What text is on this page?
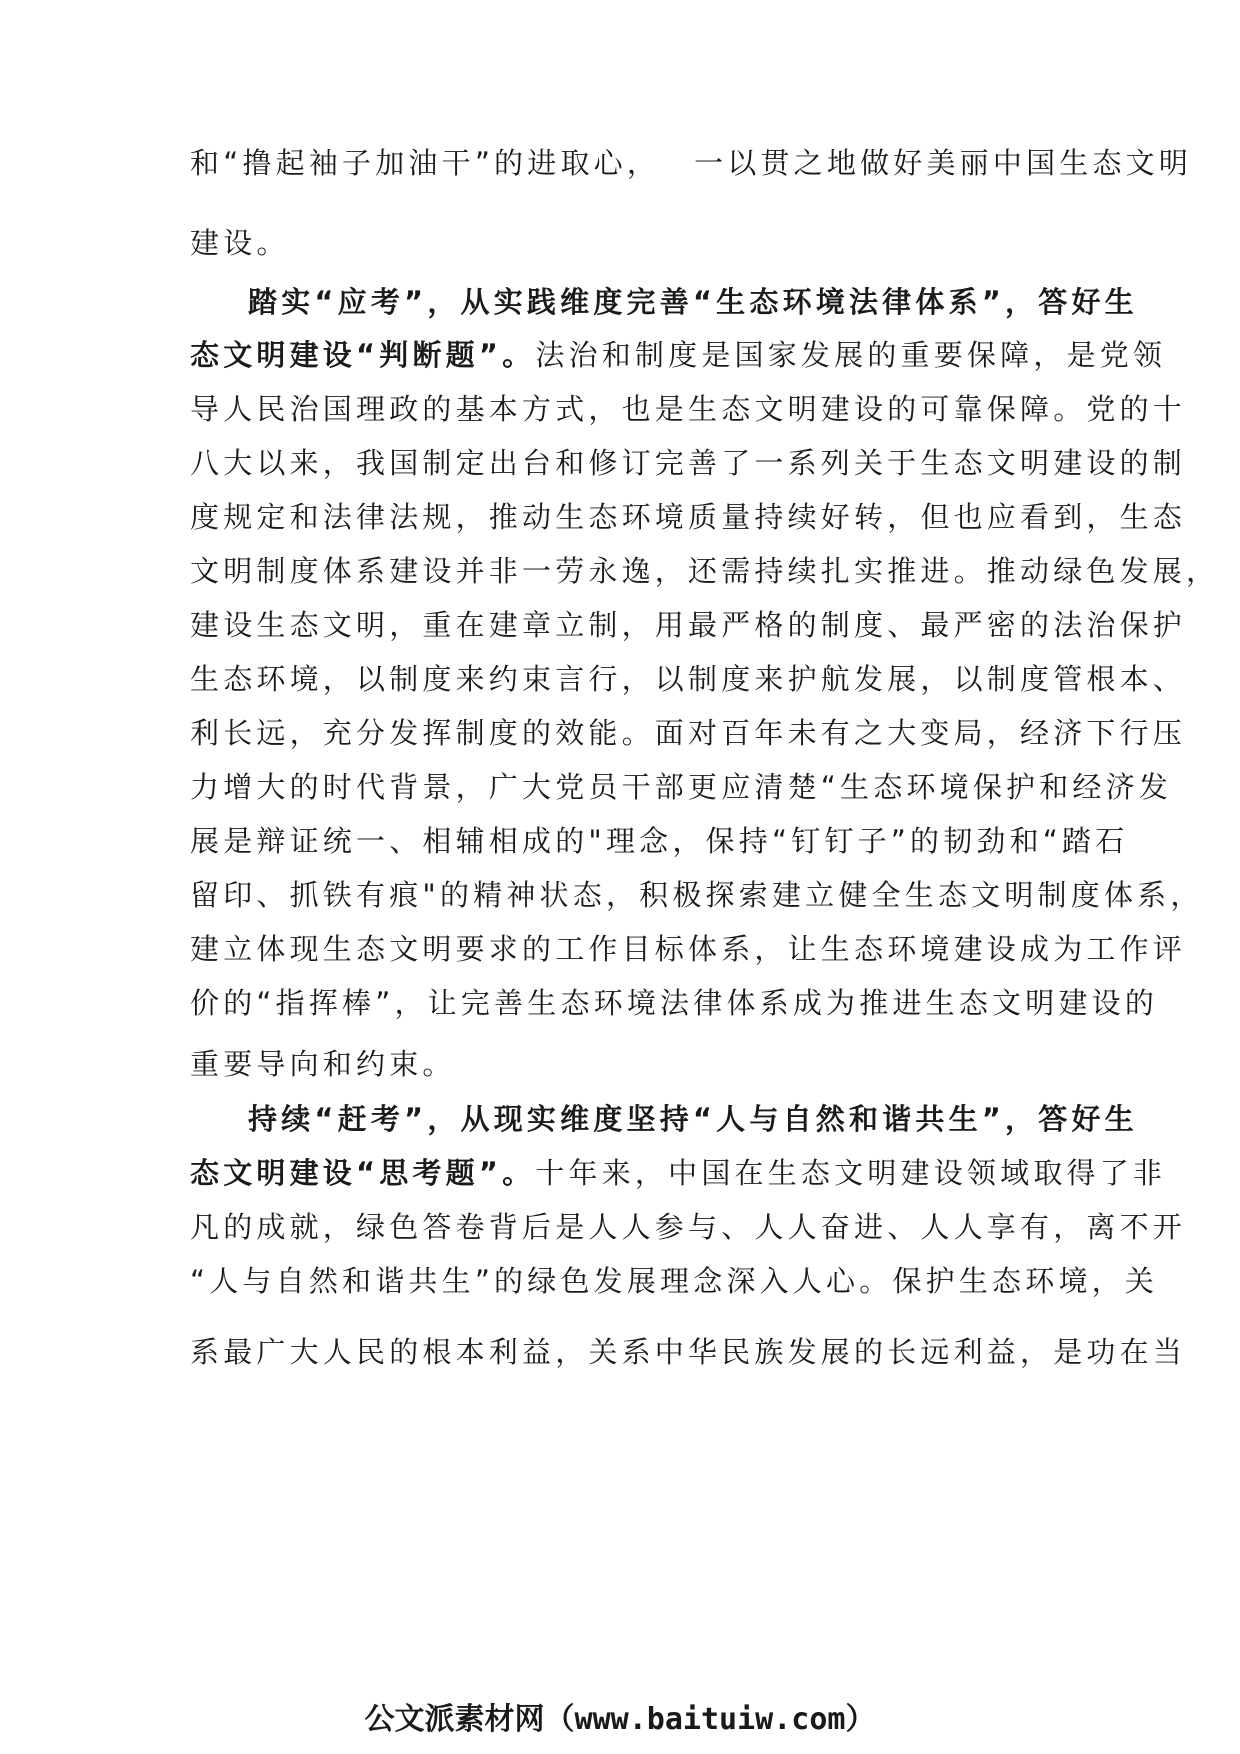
和“撸起袖子加油干”的进取心， 一以贯之地做好美丽中国生态文明
建设。
踏实“应考”，从实践维度完善“生态环境法律体系”，答好生
态文明建设“判断题”。法治和制度是国家发展的重要保障，是党领
导人民治国理政的基本方式，也是生态文明建设的可靠保障。党的十
八大以来，我国制定出台和修订完善了一系列关于生态文明建设的制
度规定和法律法规，推动生态环境质量持续好转，但也应看到，生态
文明制度体系建设并非一劳永逸，还需持续扎实推进。推动绿色发展，
建设生态文明，重在建章立制，用最严格的制度、最严密的法治保护
生态环境，以制度来约束言行，以制度来护航发展，以制度管根本、
利长远，充分发挥制度的效能。面对百年未有之大变局，经济下行压
力增大的时代背景，广大党员干部更应清楚“生态环境保护和经济发
展是辩证统一、相辅相成的"理念，保持“钉钉子”的韧劲和“踏石
留印、抓铁有痕"的精神状态，积极探索建立健全生态文明制度体系，
建立体现生态文明要求的工作目标体系，让生态环境建设成为工作评
价的“指挥棒”，让完善生态环境法律体系成为推进生态文明建设的
重要导向和约束。
持续“赶考”，从现实维度坚持“人与自然和谐共生”，答好生
态文明建设“思考题”。十年来，中国在生态文明建设领域取得了非
凡的成就，绿色答卷背后是人人参与、人人奋进、人人享有，离不开
“人与自然和谐共生”的绿色发展理念深入人心。保护生态环境，关
系最广大人民的根本利益，关系中华民族发展的长远利益，是功在当
公文派素材网（www.baituiw.com）
